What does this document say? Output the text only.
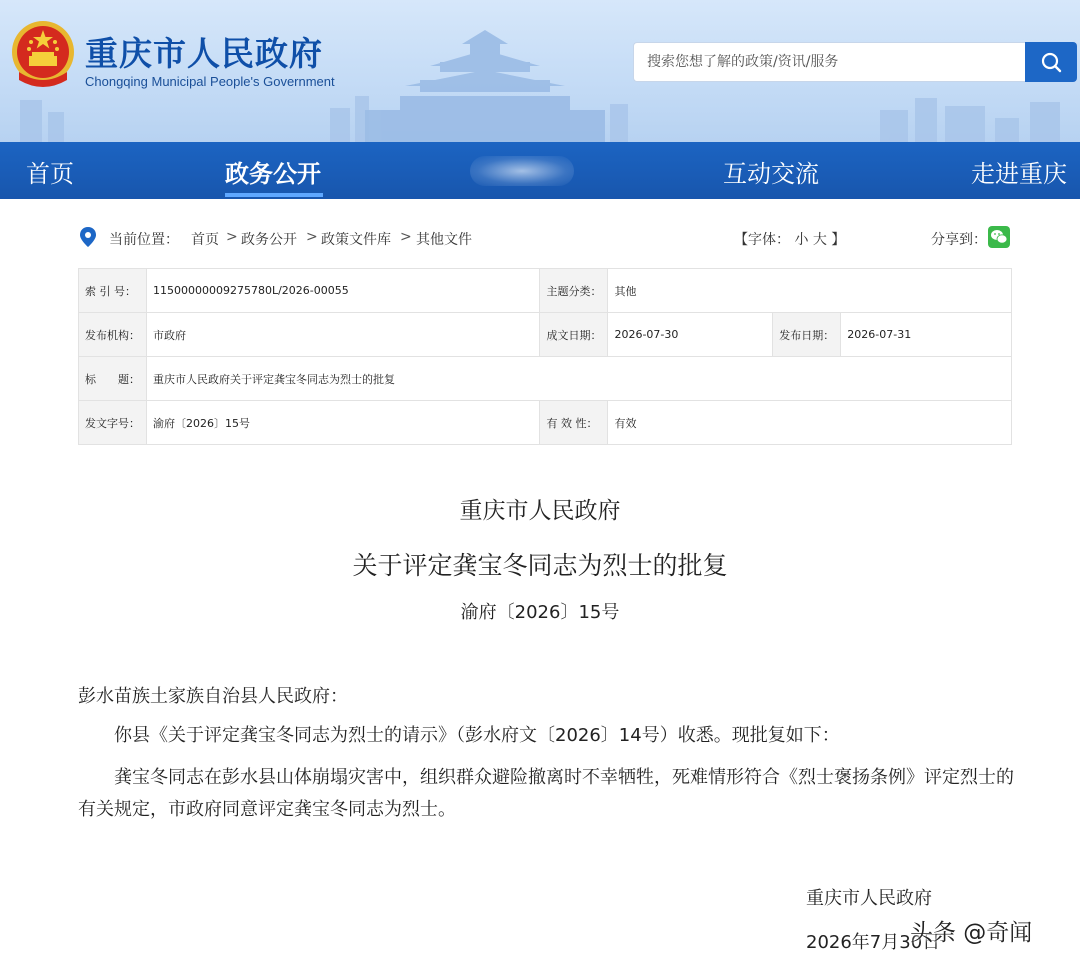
重庆市人民政府
Chongqing Municipal People's Government
搜索您想了解的政策/资讯/服务
首页	政务公开	互动交流	走进重庆
当前位置： 首页 > 政务公开 > 政策文件库 > 其他文件	【字体： 小 大 】	分享到：
索 引 号：	11500000009275780L/2026-00055	主题分类：	其他		
发布机构：	市政府	成文日期：	2026-07-30	发布日期：	2026-07-31
标　　题：	重庆市人民政府关于评定龚宝冬同志为烈士的批复				
发文字号：	渝府〔2026〕15号	有 效 性：	有效		
重庆市人民政府
关于评定龚宝冬同志为烈士的批复
渝府〔2026〕15号
彭水苗族土家族自治县人民政府：
你县《关于评定龚宝冬同志为烈士的请示》（彭水府文〔2026〕14号）收悉。现批复如下：
龚宝冬同志在彭水县山体崩塌灾害中，组织群众避险撤离时不幸牺牲，死难情形符合《烈士褒扬条例》评定烈士的有关规定，市政府同意评定龚宝冬同志为烈士。
重庆市人民政府
2026年7月30日
头条 @奇闻
